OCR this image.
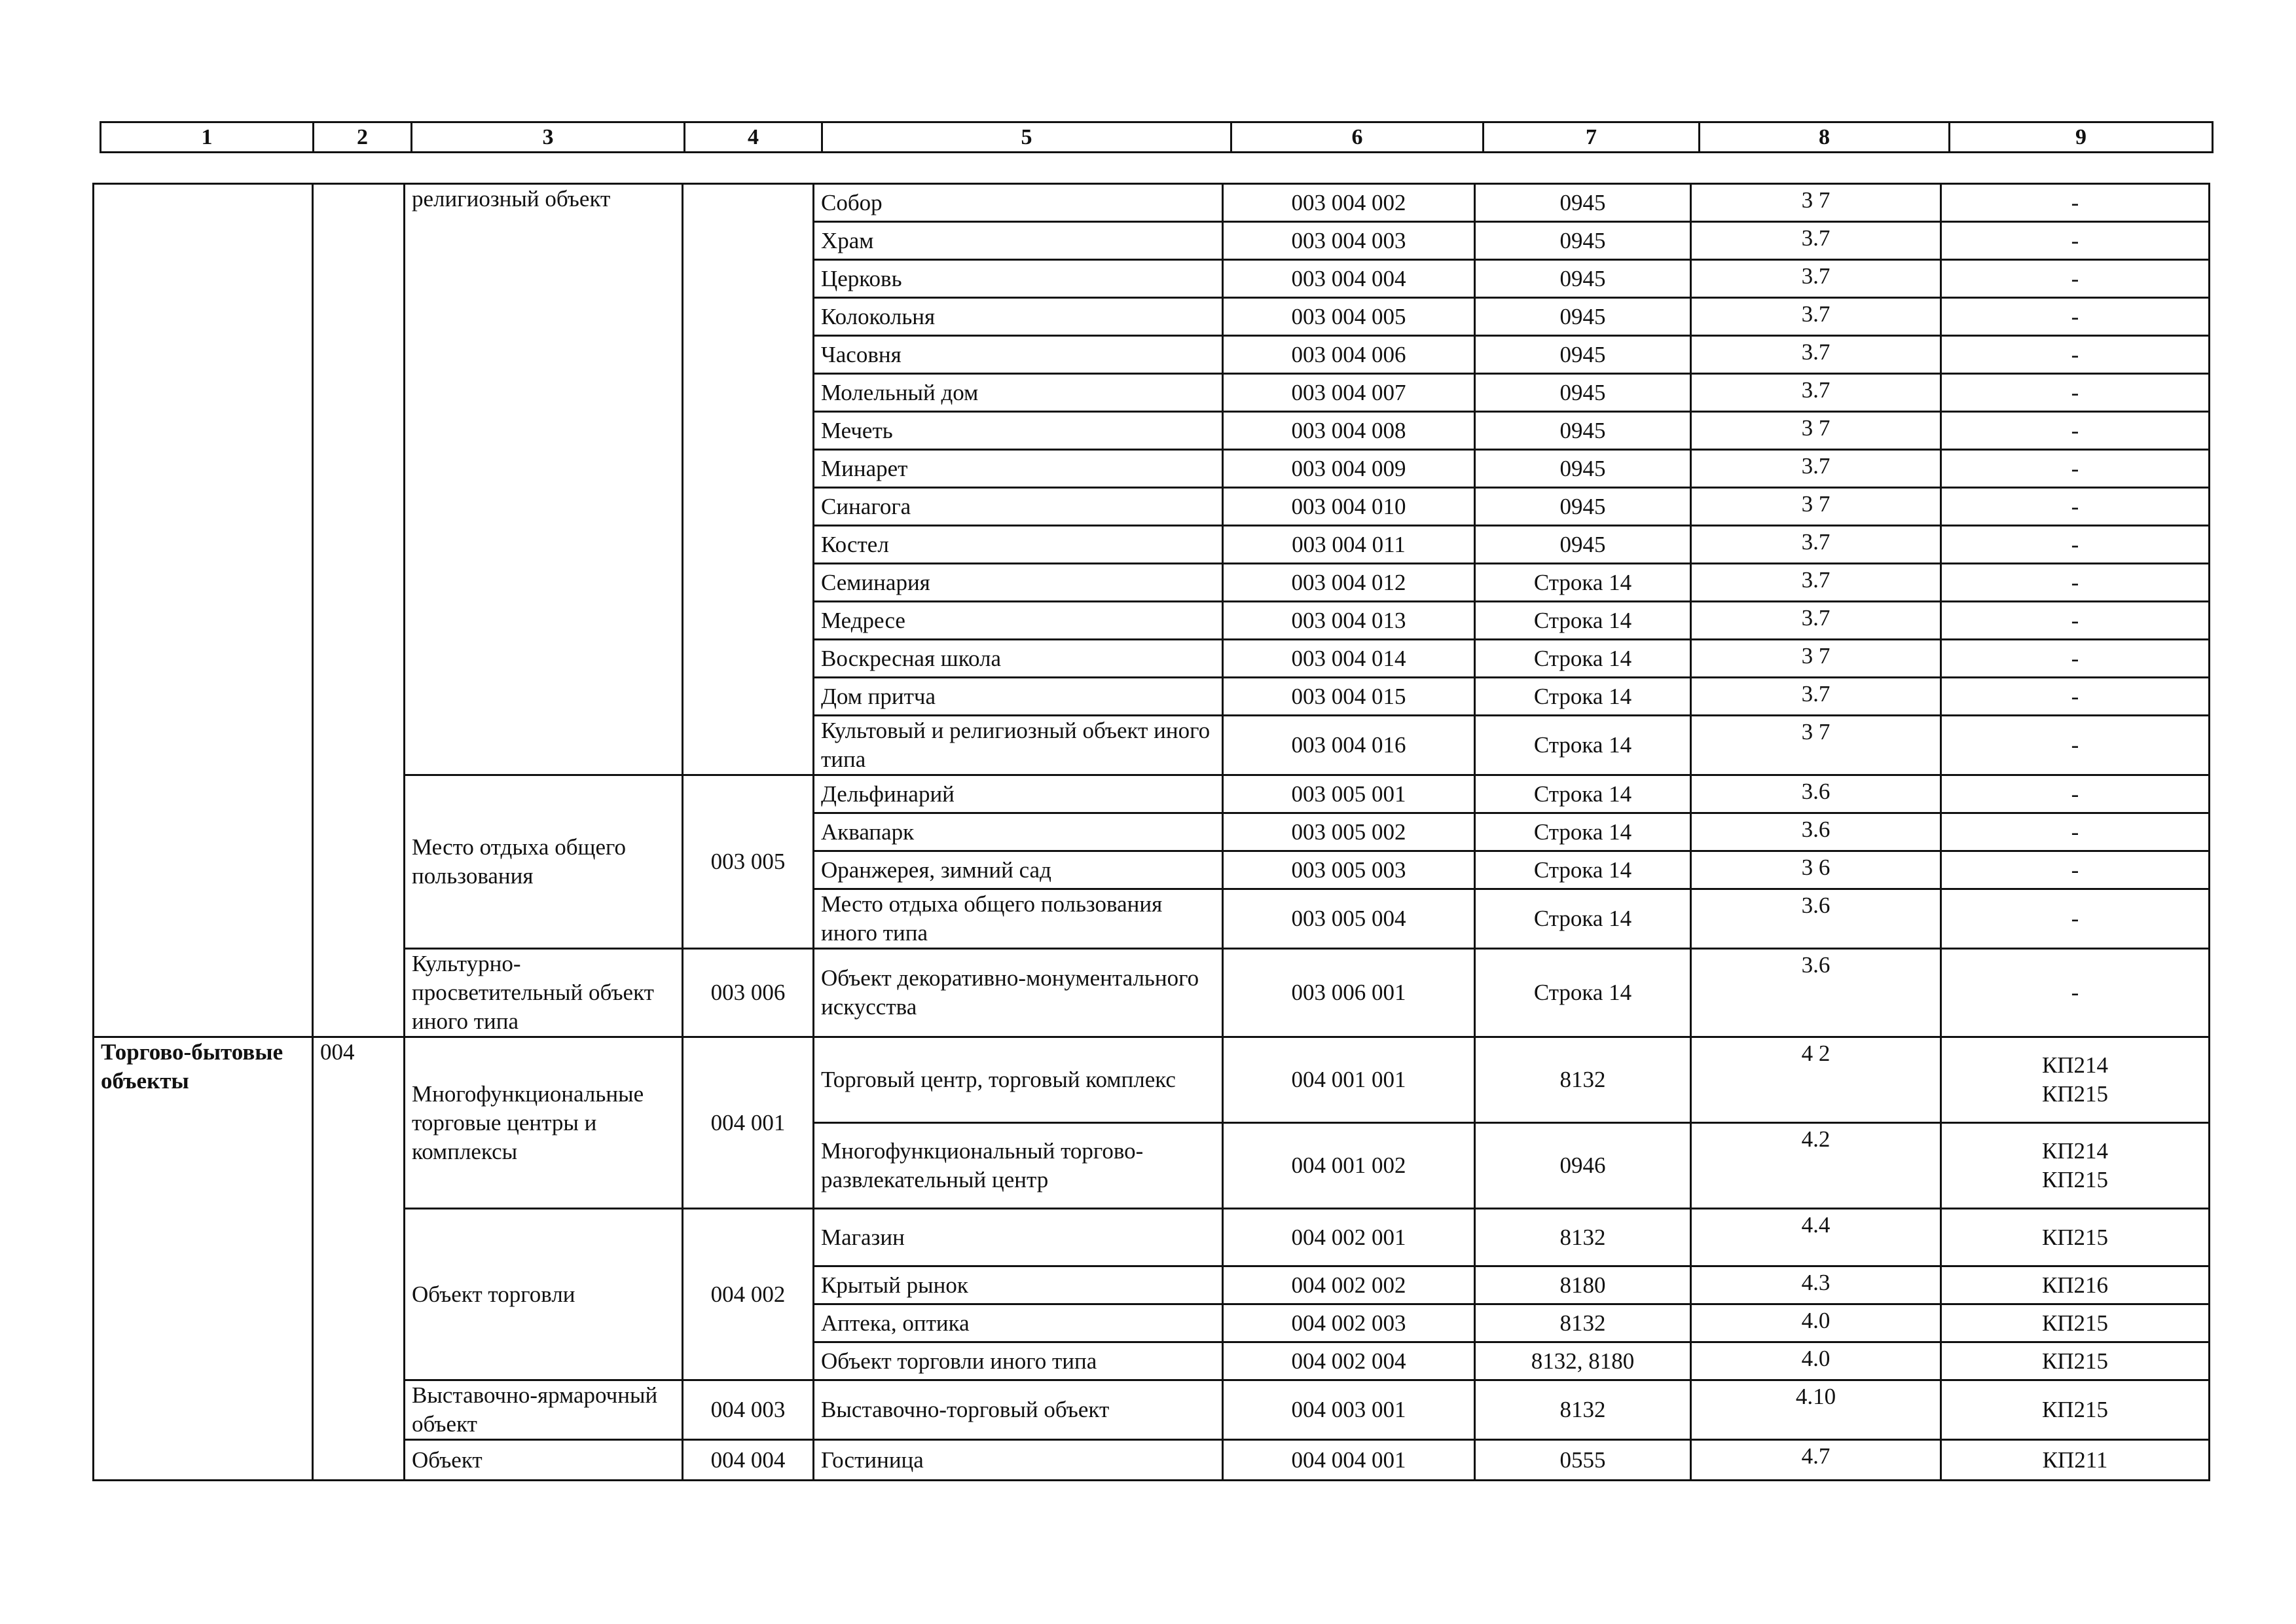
1	2	3	4	5	6	7	8	9
		религиозный объект		Собор	003 004 002	0945	3 7	-
				Храм	003 004 003	0945	3.7	-
				Церковь	003 004 004	0945	3.7	-
				Колокольня	003 004 005	0945	3.7	-
				Часовня	003 004 006	0945	3.7	-
				Молельный дом	003 004 007	0945	3.7	-
				Мечеть	003 004 008	0945	3 7	-
				Минарет	003 004 009	0945	3.7	-
				Синагога	003 004 010	0945	3 7	-
				Костел	003 004 011	0945	3.7	-
				Семинария	003 004 012	Строка 14	3.7	-
				Медресе	003 004 013	Строка 14	3.7	-
				Воскресная школа	003 004 014	Строка 14	3 7	-
				Дом притча	003 004 015	Строка 14	3.7	-
				Культовый и религиозный объект иного типа	003 004 016	Строка 14	3 7	-
		Место отдыха общего пользования	003 005	Дельфинарий	003 005 001	Строка 14	3.6	-
				Аквапарк	003 005 002	Строка 14	3.6	-
				Оранжерея, зимний сад	003 005 003	Строка 14	3 6	-
				Место отдыха общего пользования иного типа	003 005 004	Строка 14	3.6	-
		Культурно-просветительный объект иного типа	003 006	Объект декоративно-монументального искусства	003 006 001	Строка 14	3.6	-
Торгово-бытовые объекты	004	Многофункциональные торговые центры и комплексы	004 001	Торговый центр, торговый комплекс	004 001 001	8132	4 2	КП214
КП215
				Многофункциональный торгово-развлекательный центр	004 001 002	0946	4.2	КП214
КП215
		Объект торговли	004 002	Магазин	004 002 001	8132	4.4	КП215
				Крытый рынок	004 002 002	8180	4.3	КП216
				Аптека, оптика	004 002 003	8132	4.0	КП215
				Объект торговли иного типа	004 002 004	8132, 8180	4.0	КП215
		Выставочно-ярмарочный объект	004 003	Выставочно-торговый объект	004 003 001	8132	4.10	КП215
		Объект	004 004	Гостиница	004 004 001	0555	4.7	КП211
